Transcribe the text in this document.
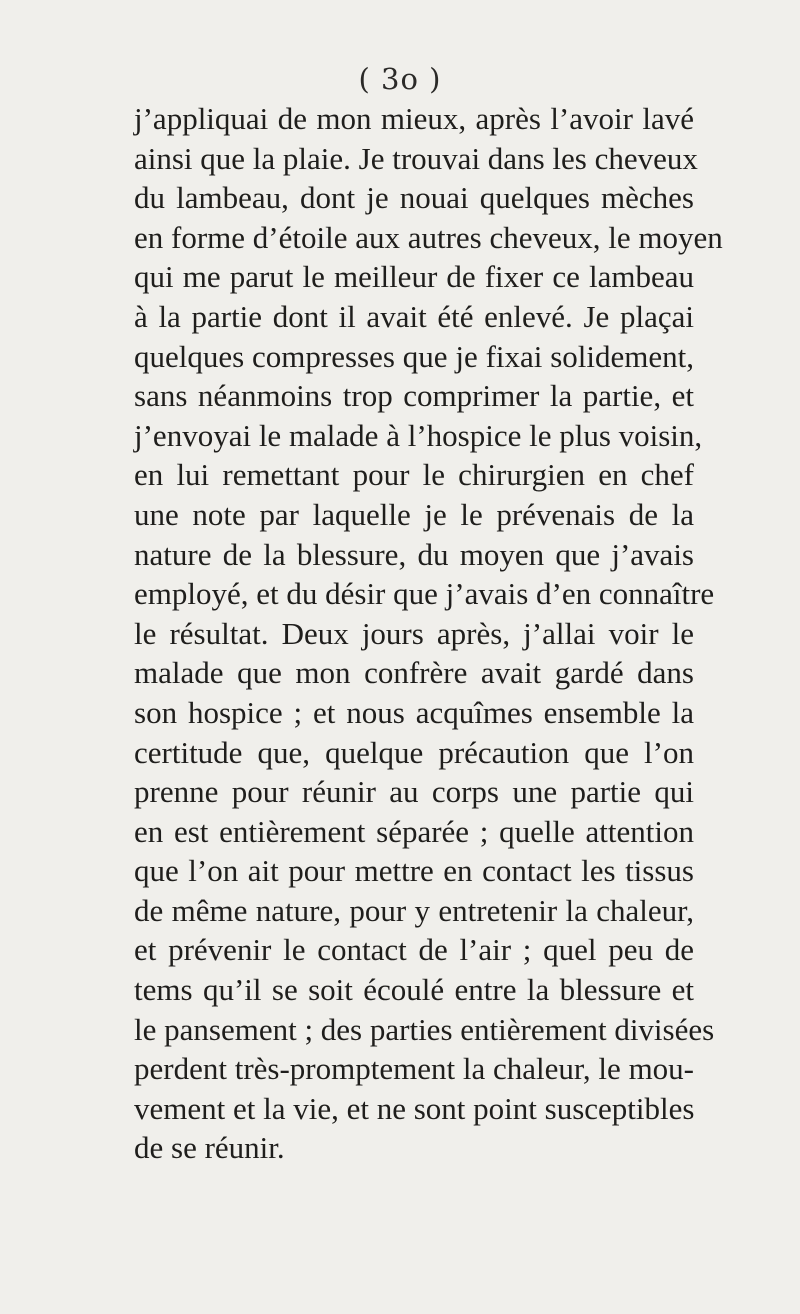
( 3o )
j’appliquai de mon mieux, après l’avoir lavé
ainsi que la plaie. Je trouvai dans les cheveux
du lambeau, dont je nouai quelques mèches
en forme d’étoile aux autres cheveux, le moyen
qui me parut le meilleur de fixer ce lambeau
à la partie dont il avait été enlevé. Je plaçai
quelques compresses que je fixai solidement,
sans néanmoins trop comprimer la partie, et
j’envoyai le malade à l’hospice le plus voisin,
en lui remettant pour le chirurgien en chef
une note par laquelle je le prévenais de la
nature de la blessure, du moyen que j’avais
employé, et du désir que j’avais d’en connaître
le résultat. Deux jours après, j’allai voir le
malade que mon confrère avait gardé dans
son hospice ; et nous acquîmes ensemble la
certitude que, quelque précaution que l’on
prenne pour réunir au corps une partie qui
en est entièrement séparée ; quelle attention
que l’on ait pour mettre en contact les tissus
de même nature, pour y entretenir la chaleur,
et prévenir le contact de l’air ; quel peu de
tems qu’il se soit écoulé entre la blessure et
le pansement ; des parties entièrement divisées
perdent très-promptement la chaleur, le mou-
vement et la vie, et ne sont point susceptibles
de se réunir.
